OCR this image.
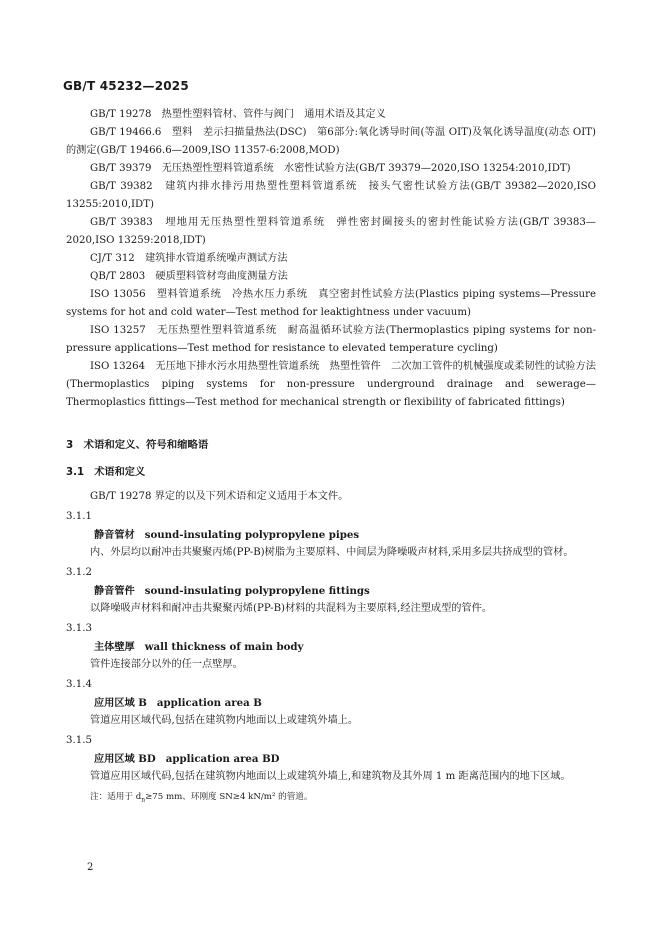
GB/T 45232—2025

GB/T 19278　热塑性塑料管材、管件与阀门　通用术语及其定义

GB/T 19466.6　塑料　差示扫描量热法(DSC)　第6部分:氧化诱导时间(等温 OIT)及氧化诱导温度(动态 OIT)的测定(GB/T 19466.6—2009,ISO 11357-6:2008,MOD)

GB/T 39379　无压热塑性塑料管道系统　水密性试验方法(GB/T 39379—2020,ISO 13254:2010,IDT)

GB/T 39382　建筑内排水排污用热塑性塑料管道系统　接头气密性试验方法(GB/T 39382—2020,ISO 13255:2010,IDT)

GB/T 39383　埋地用无压热塑性塑料管道系统　弹性密封圈接头的密封性能试验方法(GB/T 39383—2020,ISO 13259:2018,IDT)

CJ/T 312　建筑排水管道系统噪声测试方法

QB/T 2803　硬质塑料管材弯曲度测量方法

ISO 13056　塑料管道系统　冷热水压力系统　真空密封性试验方法(Plastics piping systems—Pressure systems for hot and cold water—Test method for leaktightness under vacuum)

ISO 13257　无压热塑性塑料管道系统　耐高温循环试验方法(Thermoplastics piping systems for non-pressure applications—Test method for resistance to elevated temperature cycling)

ISO 13264　无压地下排水污水用热塑性管道系统　热塑性管件　二次加工管件的机械强度或柔韧性的试验方法(Thermoplastics piping systems for non-pressure underground drainage and sewerage—Thermoplastics fittings—Test method for mechanical strength or flexibility of fabricated fittings)

3　术语和定义、符号和缩略语
3.1　术语和定义

GB/T 19278 界定的以及下列术语和定义适用于本文件。

3.1.1
静音管材 sound-insulating polypropylene pipes

内、外层均以耐冲击共聚聚丙烯(PP-B)树脂为主要原料、中间层为降噪吸声材料,采用多层共挤成型的管材。

3.1.2
静音管件 sound-insulating polypropylene fittings

以降噪吸声材料和耐冲击共聚聚丙烯(PP-B)材料的共混料为主要原料,经注塑成型的管件。

3.1.3
主体壁厚 wall thickness of main body

管件连接部分以外的任一点壁厚。

3.1.4
应用区域 B application area B

管道应用区域代码,包括在建筑物内地面以上或建筑外墙上。

3.1.5
应用区域 BD application area BD

管道应用区域代码,包括在建筑物内地面以上或建筑外墙上,和建筑物及其外周 1 m 距离范围内的地下区域。

注：适用于 $d_n\ge 75$ mm、环刚度 SN≥4 kN/m² 的管道。
2
